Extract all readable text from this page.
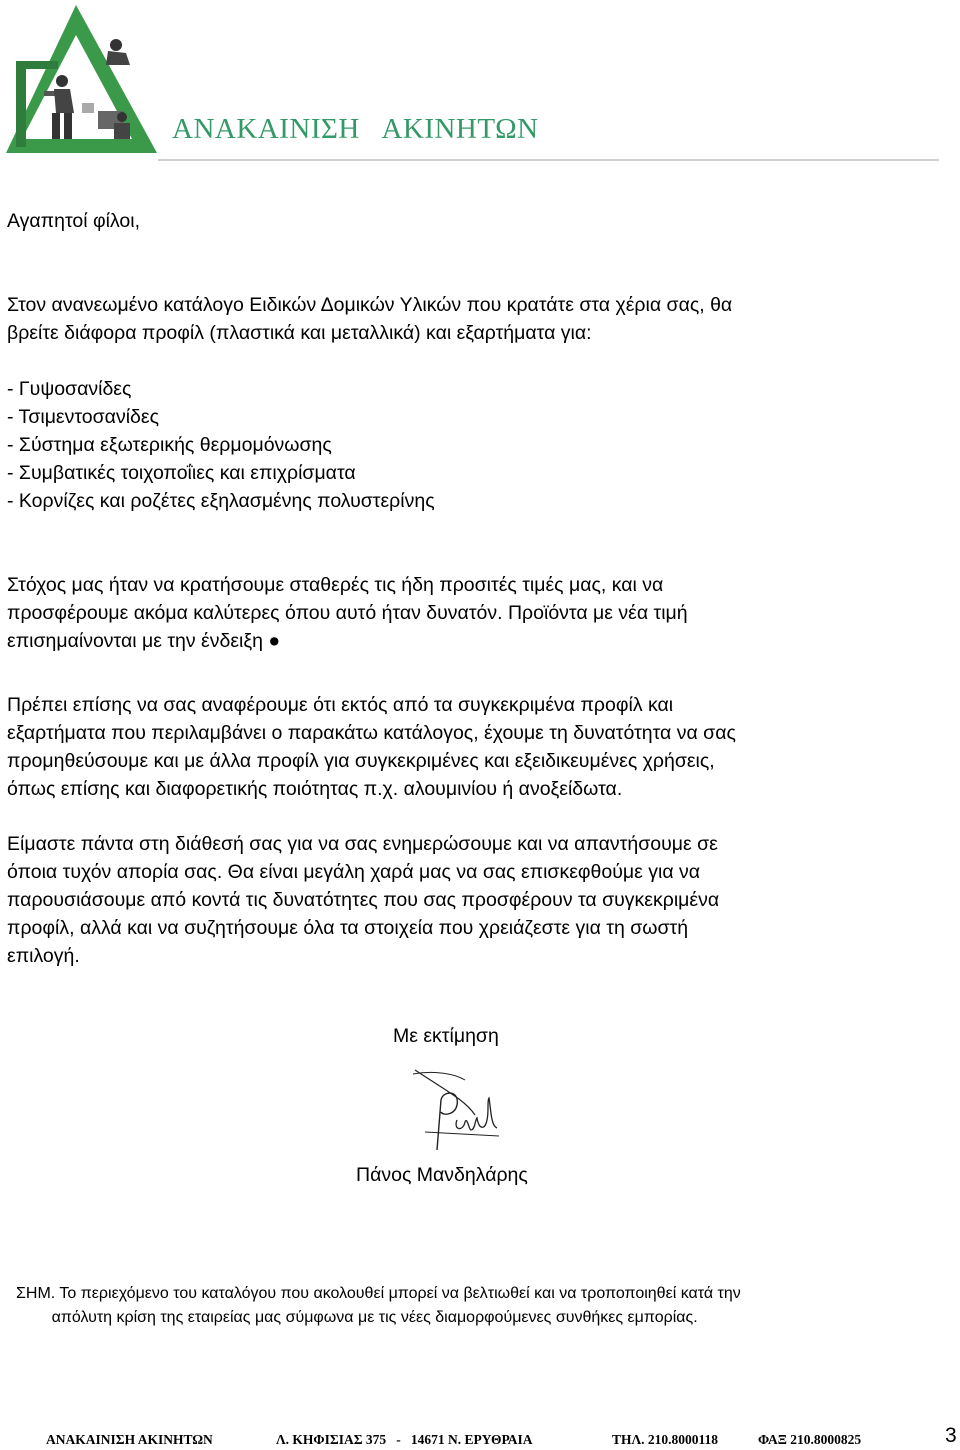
ΑΝΑΚΑΙΝΙΣΗ   ΑΚΙΝΗΤΩΝ

Αγαπητοί φίλοι,

Στον ανανεωμένο κατάλογο Ειδικών Δομικών Υλικών που κρατάτε στα χέρια σας, θα
βρείτε διάφορα προφίλ (πλαστικά και μεταλλικά) και εξαρτήματα για:

- Γυψοσανίδες
- Τσιμεντοσανίδες
- Σύστημα εξωτερικής θερμομόνωσης
- Συμβατικές τοιχοποΐιες και επιχρίσματα
- Κορνίζες και ροζέτες εξηλασμένης πολυστερίνης

Στόχος μας ήταν να κρατήσουμε σταθερές τις ήδη προσιτές τιμές μας, και να
προσφέρουμε ακόμα καλύτερες όπου αυτό ήταν δυνατόν. Προϊόντα με νέα τιμή
επισημαίνονται με την ένδειξη ●

Πρέπει επίσης να σας αναφέρουμε ότι εκτός από τα συγκεκριμένα προφίλ και
εξαρτήματα που περιλαμβάνει ο παρακάτω κατάλογος, έχουμε τη δυνατότητα να σας
προμηθεύσουμε και με άλλα προφίλ για συγκεκριμένες και εξειδικευμένες χρήσεις,
όπως επίσης και διαφορετικής ποιότητας π.χ. αλουμινίου ή ανοξείδωτα.

Είμαστε πάντα στη διάθεσή σας για να σας ενημερώσουμε και να απαντήσουμε σε
όποια τυχόν απορία σας. Θα είναι μεγάλη χαρά μας να σας επισκεφθούμε για να
παρουσιάσουμε από κοντά τις δυνατότητες που σας προσφέρουν τα συγκεκριμένα
προφίλ, αλλά και να συζητήσουμε όλα τα στοιχεία που χρειάζεστε για τη σωστή
επιλογή.

Με εκτίμηση
Πάνος Μανδηλάρης

ΣΗΜ. Το περιεχόμενο του καταλόγου που ακολουθεί μπορεί να βελτιωθεί και να τροποποιηθεί κατά την
απόλυτη κρίση της εταιρείας μας σύμφωνα με τις νέες διαμορφούμενες συνθήκες εμπορίας.

ΑΝΑΚΑΙΝΙΣΗ ΑΚΙΝΗΤΩΝ	Λ. ΚΗΦΙΣΙΑΣ 375   -   14671 Ν. ΕΡΥΘΡΑΙΑ	ΤΗΛ. 210.8000118	ΦΑΞ 210.8000825	3
